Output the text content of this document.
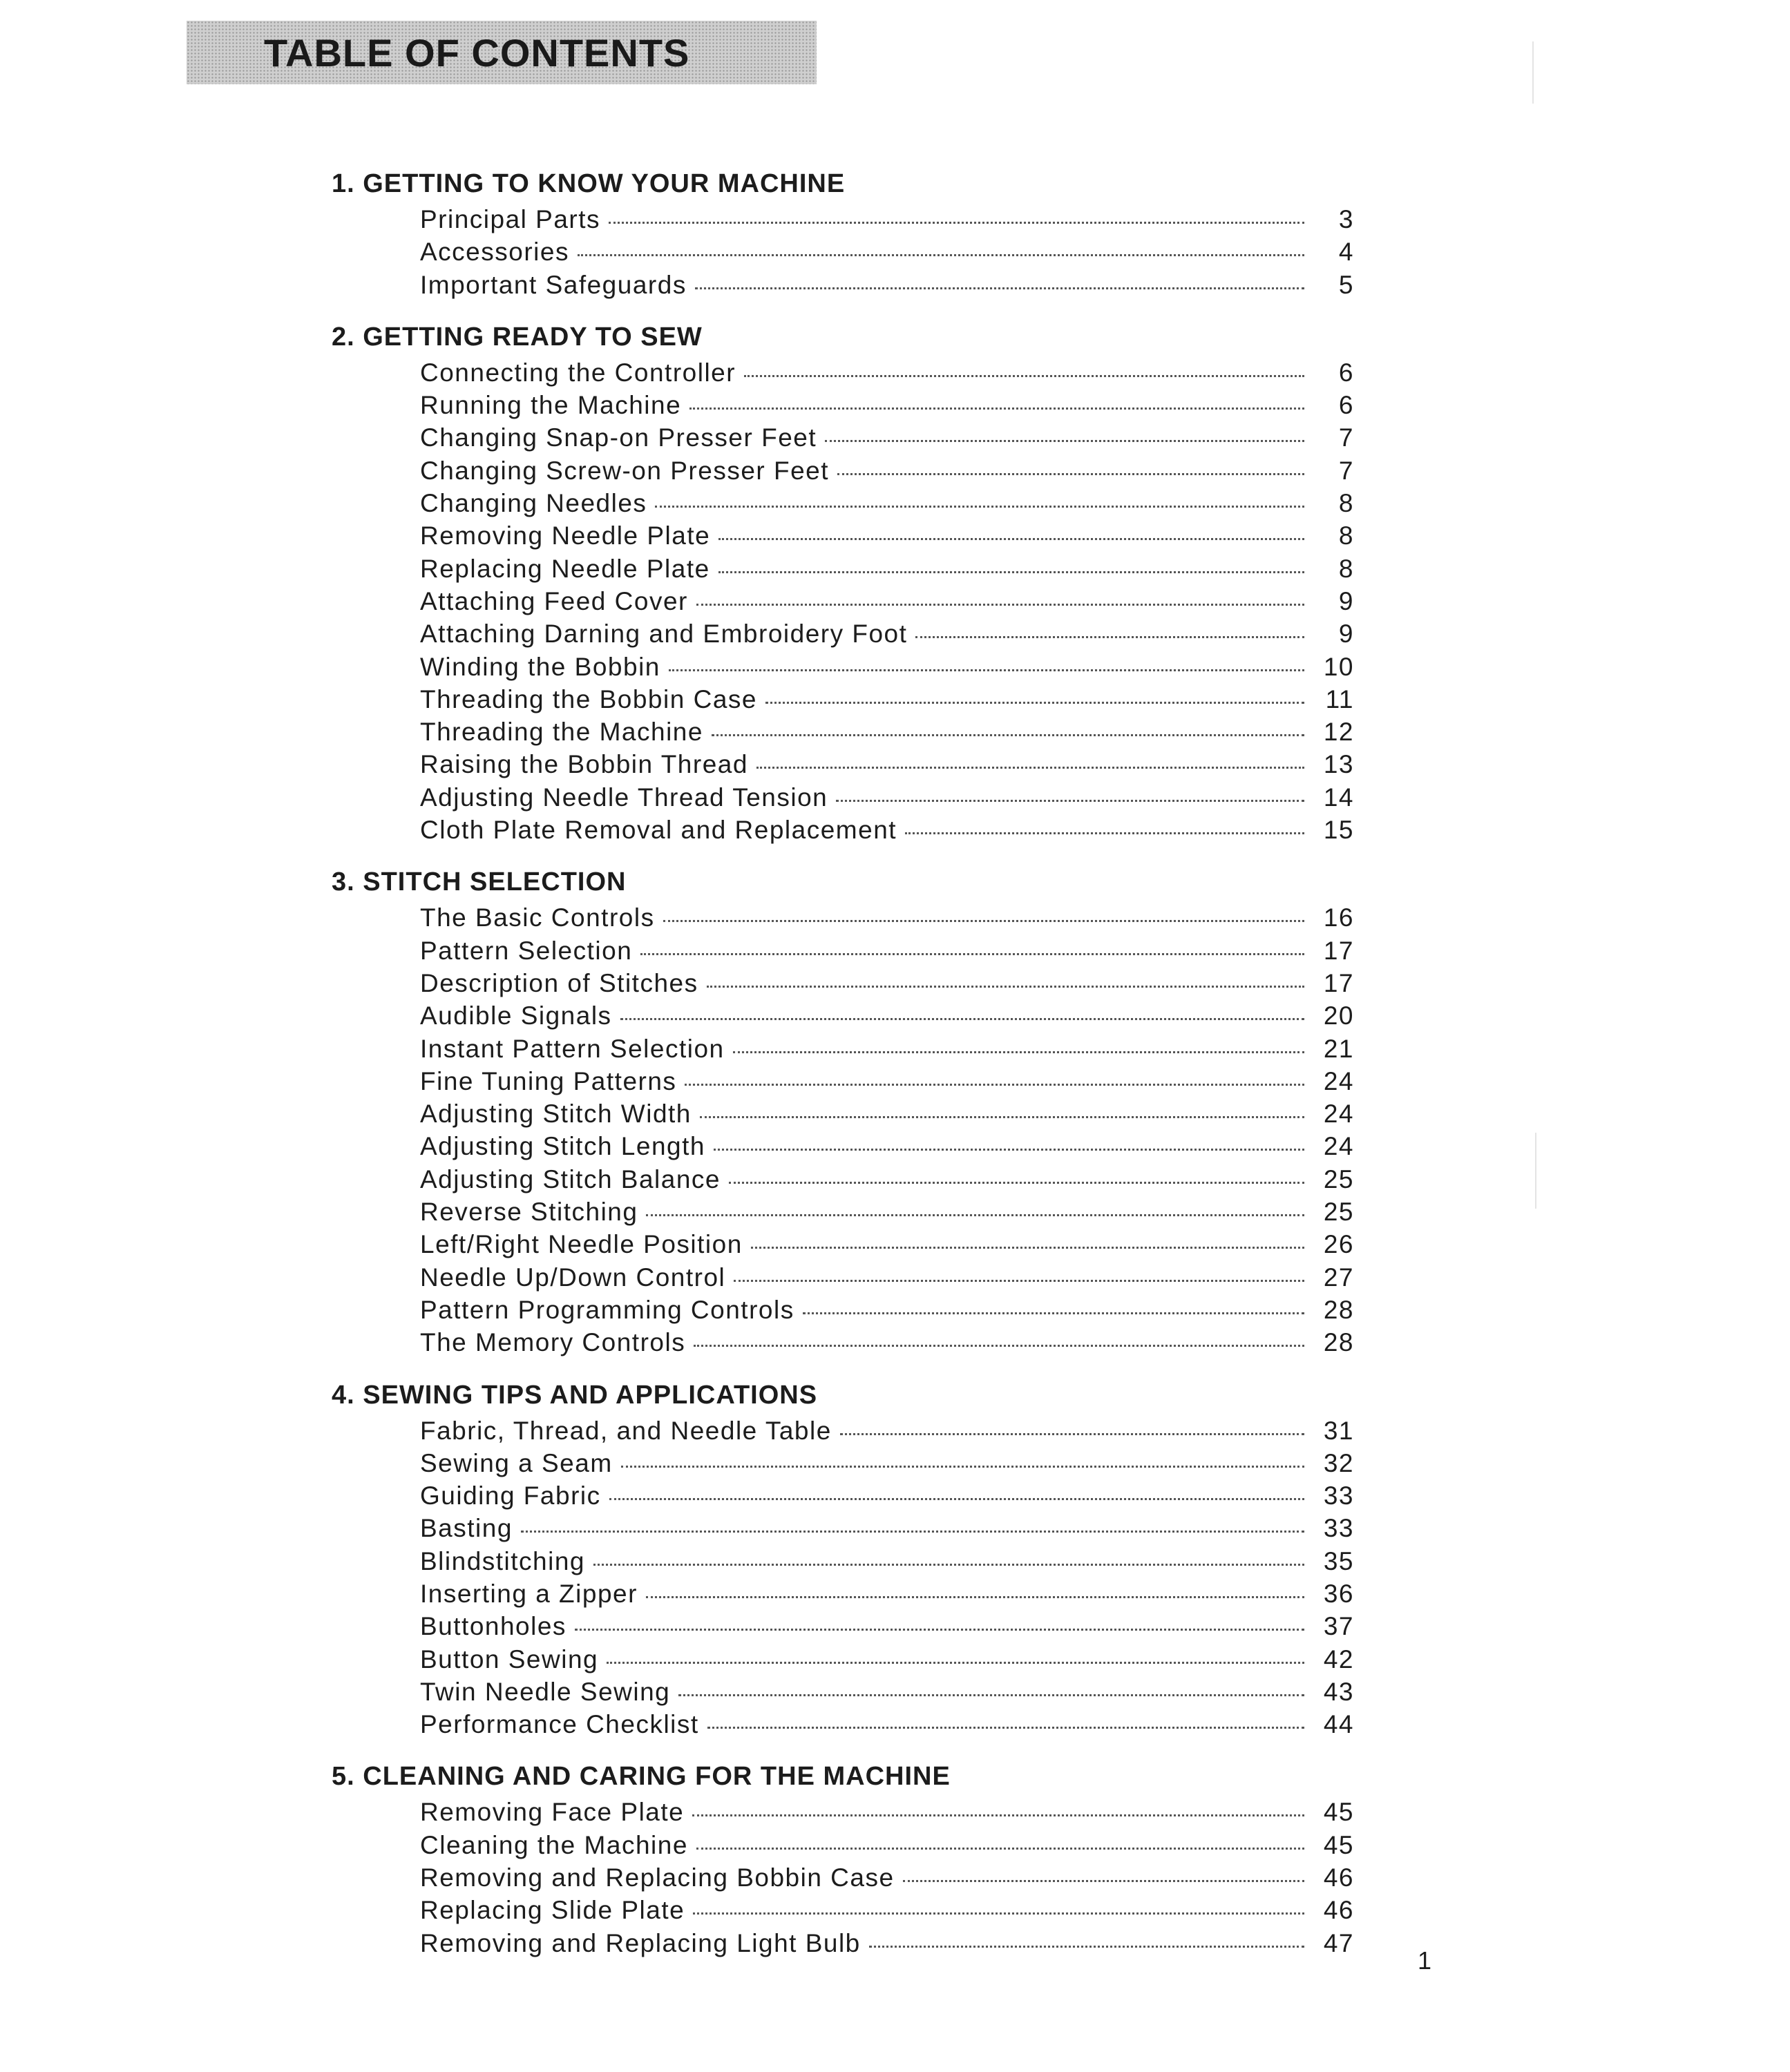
TABLE OF CONTENTS
1. GETTING TO KNOW YOUR MACHINE
Principal Parts	3
Accessories	4
Important Safeguards	5
2. GETTING READY TO SEW
Connecting the Controller	6
Running the Machine	6
Changing Snap-on Presser Feet	7
Changing Screw-on Presser Feet	7
Changing Needles	8
Removing Needle Plate	8
Replacing Needle Plate	8
Attaching Feed Cover	9
Attaching Darning and Embroidery Foot	9
Winding the Bobbin	10
Threading the Bobbin Case	11
Threading the Machine	12
Raising the Bobbin Thread	13
Adjusting Needle Thread Tension	14
Cloth Plate Removal and Replacement	15
3. STITCH SELECTION
The Basic Controls	16
Pattern Selection	17
Description of Stitches	17
Audible Signals	20
Instant Pattern Selection	21
Fine Tuning Patterns	24
Adjusting Stitch Width	24
Adjusting Stitch Length	24
Adjusting Stitch Balance	25
Reverse Stitching	25
Left/Right Needle Position	26
Needle Up/Down Control	27
Pattern Programming Controls	28
The Memory Controls	28
4. SEWING TIPS AND APPLICATIONS
Fabric, Thread, and Needle Table	31
Sewing a Seam	32
Guiding Fabric	33
Basting	33
Blindstitching	35
Inserting a Zipper	36
Buttonholes	37
Button Sewing	42
Twin Needle Sewing	43
Performance Checklist	44
5. CLEANING AND CARING FOR THE MACHINE
Removing Face Plate	45
Cleaning the Machine	45
Removing and Replacing Bobbin Case	46
Replacing Slide Plate	46
Removing and Replacing Light Bulb	47
1
